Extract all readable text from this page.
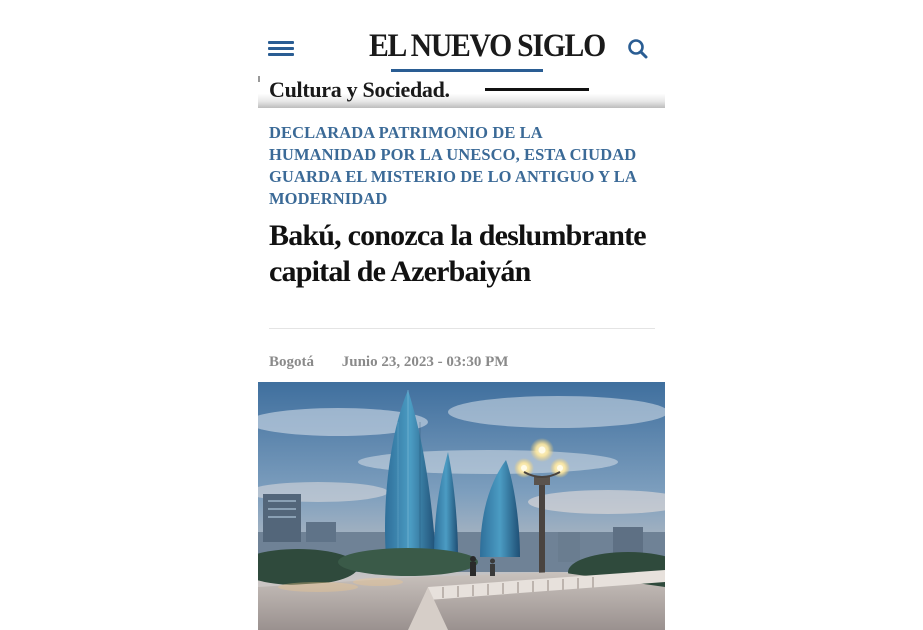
EL NUEVO SIGLO
Cultura y Sociedad.
DECLARADA PATRIMONIO DE LA HUMANIDAD POR LA UNESCO, ESTA CIUDAD GUARDA EL MISTERIO DE LO ANTIGUO Y LA MODERNIDAD
Bakú, conozca la deslumbrante capital de Azerbaiyán
Bogotá Junio 23, 2023 - 03:30 PM
